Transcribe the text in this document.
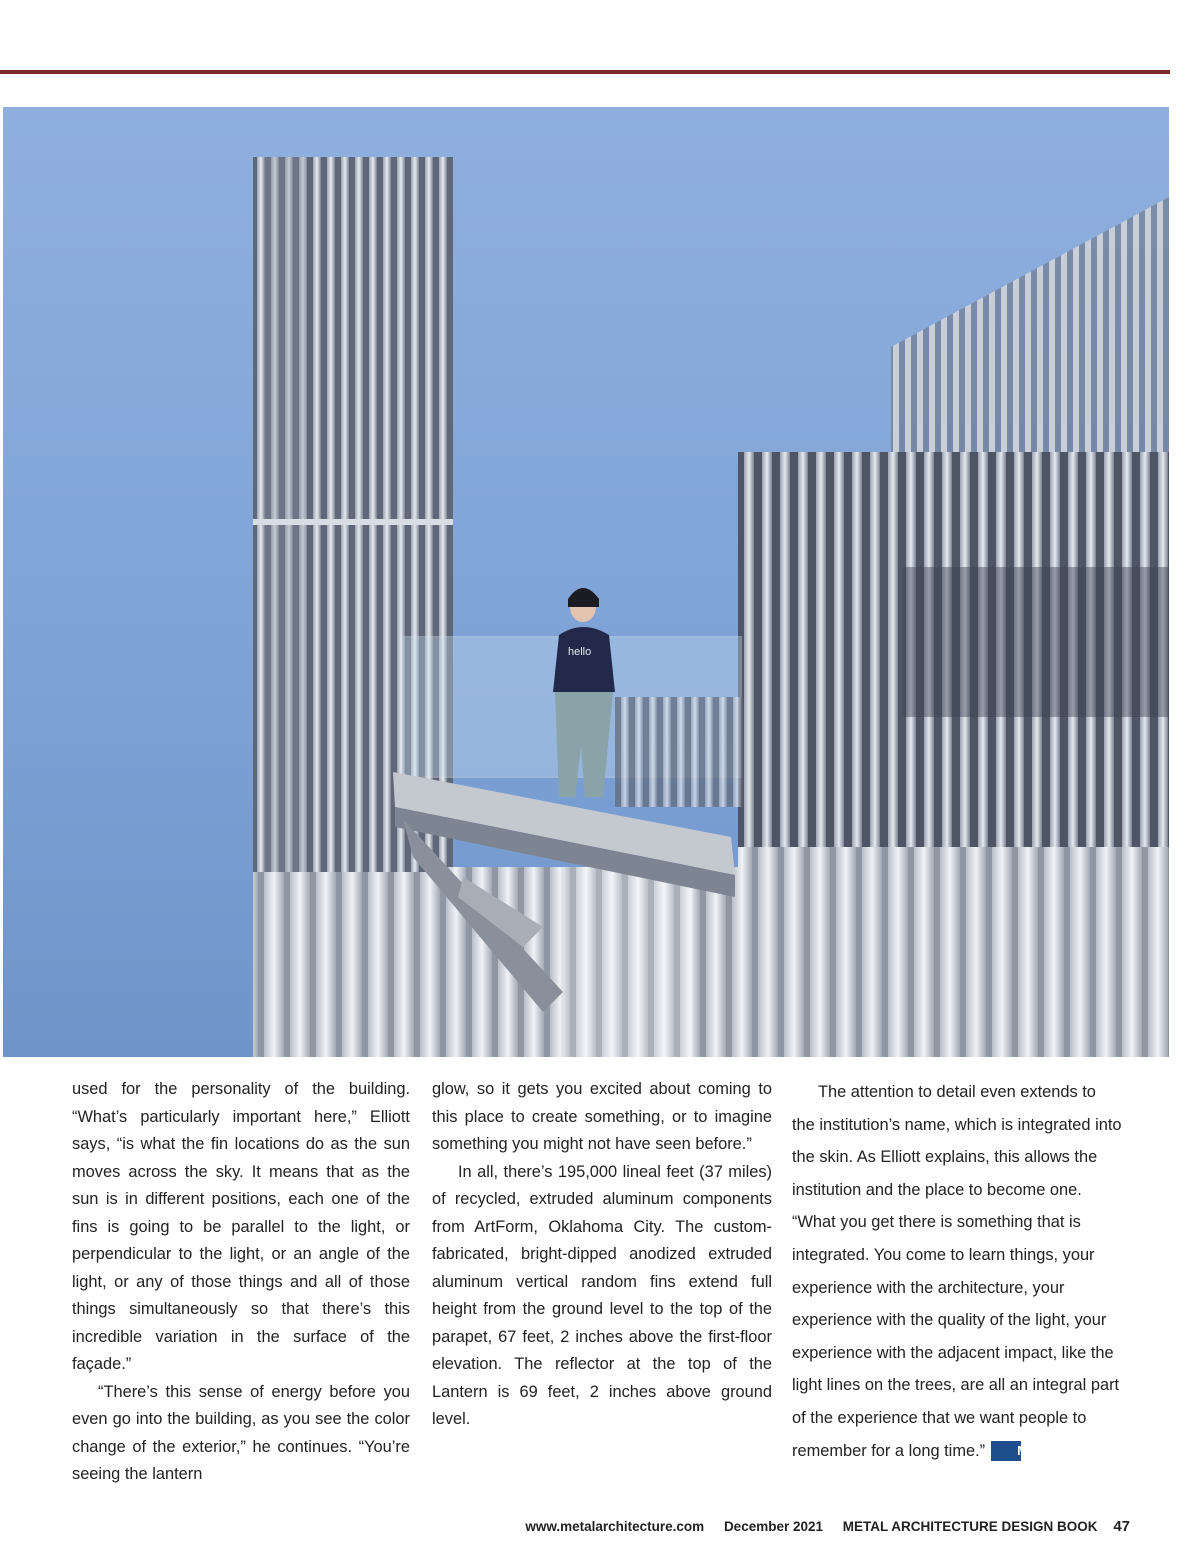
hello

used for the personality of the building. “What’s particularly important here,” Elliott says, “is what the fin locations do as the sun moves across the sky. It means that as the sun is in different positions, each one of the fins is going to be parallel to the light, or perpendicular to the light, or an angle of the light, or any of those things and all of those things simultaneously so that there’s this incredible variation in the surface of the façade.”

“There’s this sense of energy before you even go into the building, as you see the color change of the exterior,” he continues. “You’re seeing the lantern

glow, so it gets you excited about coming to this place to create something, or to imagine something you might not have seen before.”

In all, there’s 195,000 lineal feet (37 miles) of recycled, extruded aluminum components from ArtForm, Oklahoma City. The custom-fabricated, bright-dipped anodized extruded aluminum vertical random fins extend full height from the ground level to the top of the parapet, 67 feet, 2 inches above the first-floor elevation. The reflector at the top of the Lantern is 69 feet, 2 inches above ground level.

The attention to detail even extends to the institution’s name, which is integrated into the skin. As Elliott explains, this allows the institution and the place to become one. “What you get there is something that is integrated. You come to learn things, your experience with the architecture, your experience with the quality of the light, your experience with the adjacent impact, like the light lines on the trees, are all an integral part of the experience that we want people to remember for a long time.” Ma

www.metalarchitecture.com December 2021 METAL ARCHITECTURE DESIGN BOOK 47
